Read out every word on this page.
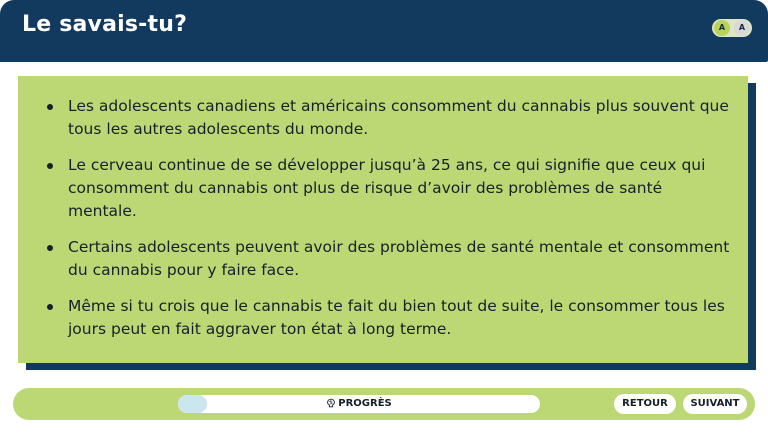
Le savais-tu?	A	A
Les adolescents canadiens et américains consomment du cannabis plus souvent que tous les autres adolescents du monde.
Le cerveau continue de se développer jusqu’à 25 ans, ce qui signifie que ceux qui consomment du cannabis ont plus de risque d’avoir des problèmes de santé mentale.
Certains adolescents peuvent avoir des problèmes de santé mentale et consomment du cannabis pour y faire face.
Même si tu crois que le cannabis te fait du bien tout de suite, le consommer tous les jours peut en fait aggraver ton état à long terme.
PROGRÈS	RETOUR	SUIVANT
